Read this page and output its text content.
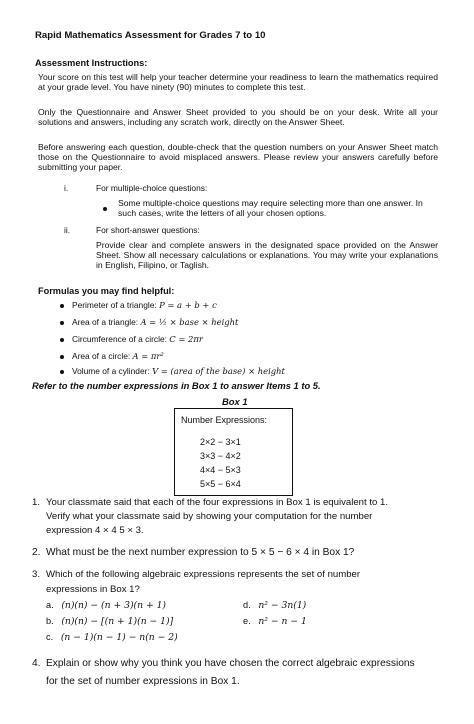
Rapid Mathematics Assessment for Grades 7 to 10
Assessment Instructions:
Your score on this test will help your teacher determine your readiness to learn the mathematics required at your grade level. You have ninety (90) minutes to complete this test.
Only the Questionnaire and Answer Sheet provided to you should be on your desk. Write all your solutions and answers, including any scratch work, directly on the Answer Sheet.
Before answering each question, double-check that the question numbers on your Answer Sheet match those on the Questionnaire to avoid misplaced answers. Please review your answers carefully before submitting your paper.
i.	For multiple-choice questions:
Some multiple-choice questions may require selecting more than one answer. In such cases, write the letters of all your chosen options.
ii.	For short-answer questions:
Provide clear and complete answers in the designated space provided on the Answer Sheet. Show all necessary calculations or explanations. You may write your explanations in English, Filipino, or Taglish.
Formulas you may find helpful:
Perimeter of a triangle: P = a + b + c
Area of a triangle: A = ½ × base × height
Circumference of a circle: C = 2πr
Area of a circle: A = πr²
Volume of a cylinder: V = (area of the base) × height
Refer to the number expressions in Box 1 to answer Items 1 to 5.
Box 1
Number Expressions:
2×2 − 3×1
3×3 − 4×2
4×4 − 5×3
5×5 − 6×4
1. Your classmate said that each of the four expressions in Box 1 is equivalent to 1.
Verify what your classmate said by showing your computation for the number
expression 4 × 4 5 × 3.
2. What must be the next number expression to 5 × 5 − 6 × 4 in Box 1?
3. Which of the following algebraic expressions represents the set of number
expressions in Box 1?
a. (n)(n) − (n + 3)(n + 1)
b. (n)(n) − [(n + 1)(n − 1)]
c. (n − 1)(n − 1) − n(n − 2)
d. n² − 3n(1)
e. n² − n − 1
4. Explain or show why you think you have chosen the correct algebraic expressions
for the set of number expressions in Box 1.
